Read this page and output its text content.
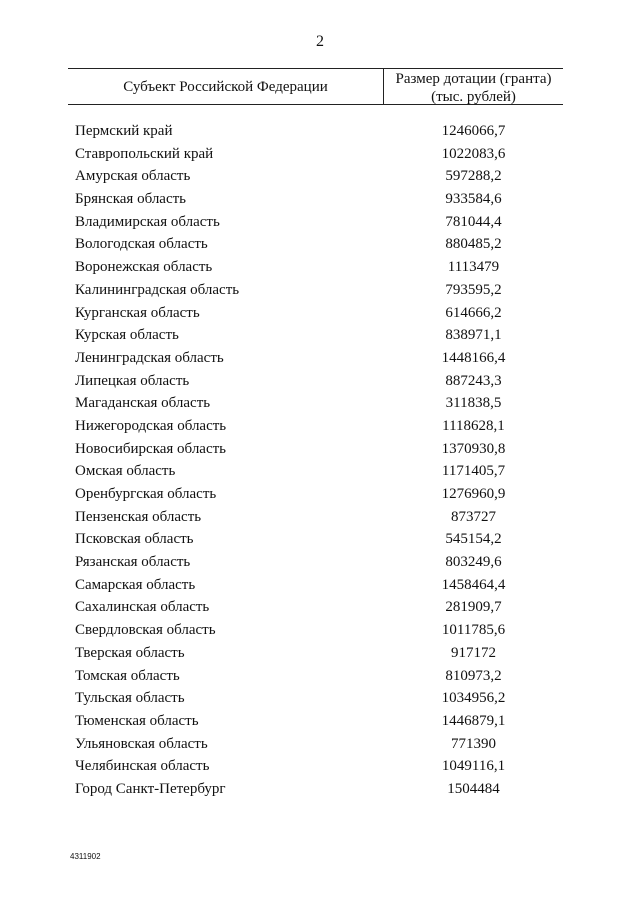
2
Субъект Российской Федерации	Размер дотации (гранта)
(тыс. рублей)
Пермский край	1246066,7
Ставропольский край	1022083,6
Амурская область	597288,2
Брянская область	933584,6
Владимирская область	781044,4
Вологодская область	880485,2
Воронежская область	1113479
Калининградская область	793595,2
Курганская область	614666,2
Курская область	838971,1
Ленинградская область	1448166,4
Липецкая область	887243,3
Магаданская область	311838,5
Нижегородская область	1118628,1
Новосибирская область	1370930,8
Омская область	1171405,7
Оренбургская область	1276960,9
Пензенская область	873727
Псковская область	545154,2
Рязанская область	803249,6
Самарская область	1458464,4
Сахалинская область	281909,7
Свердловская область	1011785,6
Тверская область	917172
Томская область	810973,2
Тульская область	1034956,2
Тюменская область	1446879,1
Ульяновская область	771390
Челябинская область	1049116,1
Город Санкт-Петербург	1504484
4311902
